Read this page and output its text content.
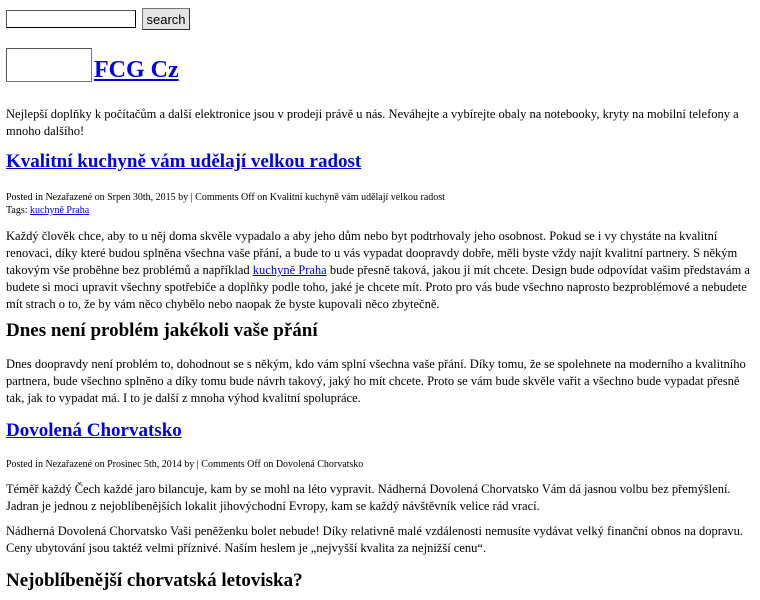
search
FCG Cz
Nejlepší doplňky k počítačům a další elektronice jsou v prodeji právě u nás. Neváhejte a vybírejte obaly na notebooky, kryty na mobilní telefony a mnoho dalšího!
Kvalitní kuchyně vám udělají velkou radost
Posted in Nezařazené on Srpen 30th, 2015 by | Comments Off on Kvalitní kuchyně vám udělají velkou radost
Tags: kuchyně Praha
Každý člověk chce, aby to u něj doma skvěle vypadalo a aby jeho dům nebo byt podtrhovaly jeho osobnost. Pokud se i vy chystáte na kvalitní renovaci, díky které budou splněna všechna vaše přání, a bude to u vás vypadat doopravdy dobře, měli byste vždy najít kvalitní partnery. S někým takovým vše proběhne bez problémů a například kuchyně Praha bude přesně taková, jakou ji mít chcete. Design bude odpovídat vašim představám a budete si moci upravit všechny spotřebiče a doplňky podle toho, jaké je chcete mít. Proto pro vás bude všechno naprosto bezproblémové a nebudete mít strach o to, že by vám něco chybělo nebo naopak že byste kupovali něco zbytečně.
Dnes není problém jakékoli vaše přání
Dnes doopravdy není problém to, dohodnout se s někým, kdo vám splní všechna vaše přání. Díky tomu, že se spolehnete na moderního a kvalitního partnera, bude všechno splněno a díky tomu bude návrh takový, jaký ho mít chcete. Proto se vám bude skvěle vařit a všechno bude vypadat přesně tak, jak to vypadat má. I to je další z mnoha výhod kvalitní spolupráce.
Dovolená Chorvatsko
Posted in Nezařazené on Prosinec 5th, 2014 by | Comments Off on Dovolená Chorvatsko
Téměř každý Čech každé jaro bilancuje, kam by se mohl na léto vypravit. Nádherná Dovolená Chorvatsko Vám dá jasnou volbu bez přemýšlení. Jadran je jednou z nejoblíbenějších lokalit jihovýchodní Evropy, kam se každý návštěvník velice rád vrací.
Nádherná Dovolená Chorvatsko Vaši peněženku bolet nebude! Díky relativně malé vzdálenosti nemusíte vydávat velký finanční obnos na dopravu. Ceny ubytování jsou taktéž velmi příznivé. Naším heslem je „nejvyšší kvalita za nejnižší cenu“.
Nejoblíbenější chorvatská letoviska?
